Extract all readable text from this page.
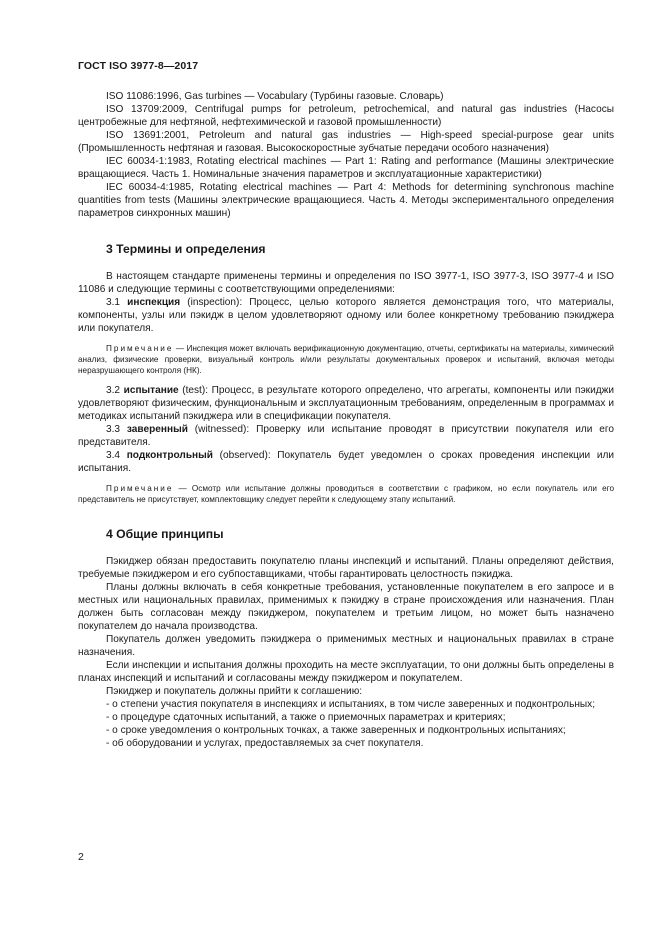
ГОСТ ISO 3977-8—2017

ISO 11086:1996, Gas turbines — Vocabulary (Турбины газовые. Словарь)

ISO 13709:2009, Centrifugal pumps for petroleum, petrochemical, and natural gas industries (Насосы центробежные для нефтяной, нефтехимической и газовой промышленности)

ISO 13691:2001, Petroleum and natural gas industries — High-speed special-purpose gear units (Промышленность нефтяная и газовая. Высокоскоростные зубчатые передачи особого назначения)

IEC 60034-1:1983, Rotating electrical machines — Part 1: Rating and performance (Машины электрические вращающиеся. Часть 1. Номинальные значения параметров и эксплуатационные характеристики)

IEC 60034-4:1985, Rotating electrical machines — Part 4: Methods for determining synchronous machine quantities from tests (Машины электрические вращающиеся. Часть 4. Методы экспериментального определения параметров синхронных машин)

3 Термины и определения

В настоящем стандарте применены термины и определения по ISO 3977-1, ISO 3977-3, ISO 3977-4 и ISO 11086 и следующие термины с соответствующими определениями:

3.1 инспекция (inspection): Процесс, целью которого является демонстрация того, что материалы, компоненты, узлы или пэкидж в целом удовлетворяют одному или более конкретному требованию пэкиджера или покупателя.

Примечание — Инспекция может включать верификационную документацию, отчеты, сертификаты на материалы, химический анализ, физические проверки, визуальный контроль и/или результаты документальных проверок и испытаний, включая методы неразрушающего контроля (НК).

3.2 испытание (test): Процесс, в результате которого определено, что агрегаты, компоненты или пэкиджи удовлетворяют физическим, функциональным и эксплуатационным требованиям, определенным в программах и методиках испытаний пэкиджера или в спецификации покупателя.

3.3 заверенный (witnessed): Проверку или испытание проводят в присутствии покупателя или его представителя.

3.4 подконтрольный (observed): Покупатель будет уведомлен о сроках проведения инспекции или испытания.

Примечание — Осмотр или испытание должны проводиться в соответствии с графиком, но если покупатель или его представитель не присутствует, комплектовщику следует перейти к следующему этапу испытаний.

4 Общие принципы

Пэкиджер обязан предоставить покупателю планы инспекций и испытаний. Планы определяют действия, требуемые пэкиджером и его субпоставщиками, чтобы гарантировать целостность пэкиджа.

Планы должны включать в себя конкретные требования, установленные покупателем в его запросе и в местных или национальных правилах, применимых к пэкиджу в стране происхождения или назначения. План должен быть согласован между пэкиджером, покупателем и третьим лицом, но может быть назначено покупателем до начала производства.

Покупатель должен уведомить пэкиджера о применимых местных и национальных правилах в стране назначения.

Если инспекции и испытания должны проходить на месте эксплуатации, то они должны быть определены в планах инспекций и испытаний и согласованы между пэкиджером и покупателем.

Пэкиджер и покупатель должны прийти к соглашению:

- о степени участия покупателя в инспекциях и испытаниях, в том числе заверенных и подконтрольных;

- о процедуре сдаточных испытаний, а также о приемочных параметрах и критериях;

- о сроке уведомления о контрольных точках, а также заверенных и подконтрольных испытаниях;

- об оборудовании и услугах, предоставляемых за счет покупателя.

2
